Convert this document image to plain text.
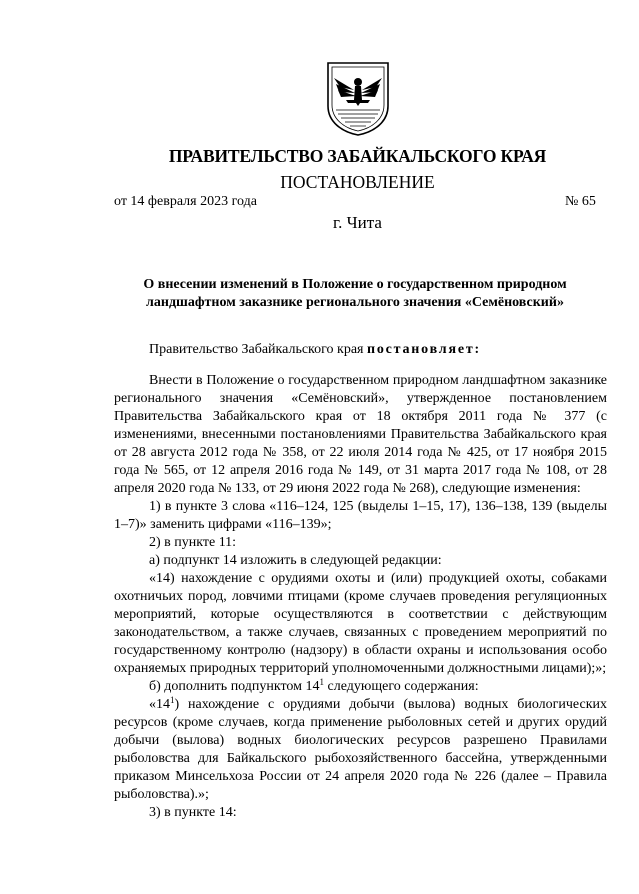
ПРАВИТЕЛЬСТВО ЗАБАЙКАЛЬСКОГО КРАЯ
ПОСТАНОВЛЕНИЕ
от 14 февраля 2023 года	№ 65
г. Чита
О внесении изменений в Положение о государственном природном ландшафтном заказнике регионального значения «Семёновский»
Правительство Забайкальского края постановляет:

Внести в Положение о государственном природном ландшафтном заказнике регионального значения «Семёновский», утвержденное постановлением Правительства Забайкальского края от 18 октября 2011 года № 377 (с изменениями, внесенными постановлениями Правительства Забайкальского края от 28 августа 2012 года № 358, от 22 июля 2014 года № 425, от 17 ноября 2015 года № 565, от 12 апреля 2016 года № 149, от 31 марта 2017 года № 108, от 28 апреля 2020 года № 133, от 29 июня 2022 года № 268), следующие изменения:

1) в пункте 3 слова «116–124, 125 (выделы 1–15, 17), 136–138, 139 (выделы 1–7)» заменить цифрами «116–139»;

2) в пункте 11:

а) подпункт 14 изложить в следующей редакции:

«14) нахождение с орудиями охоты и (или) продукцией охоты, собаками охотничьих пород, ловчими птицами (кроме случаев проведения регуляционных мероприятий, которые осуществляются в соответствии с действующим законодательством, а также случаев, связанных с проведением мероприятий по государственному контролю (надзору) в области охраны и использования особо охраняемых природных территорий уполномоченными должностными лицами);»;

б) дополнить подпунктом $14^1$ следующего содержания:

«$14^1$) нахождение с орудиями добычи (вылова) водных биологических ресурсов (кроме случаев, когда применение рыболовных сетей и других орудий добычи (вылова) водных биологических ресурсов разрешено Правилами рыболовства для Байкальского рыбохозяйственного бассейна, утвержденными приказом Минсельхоза России от 24 апреля 2020 года № 226 (далее – Правила рыболовства).»;

3) в пункте 14:
